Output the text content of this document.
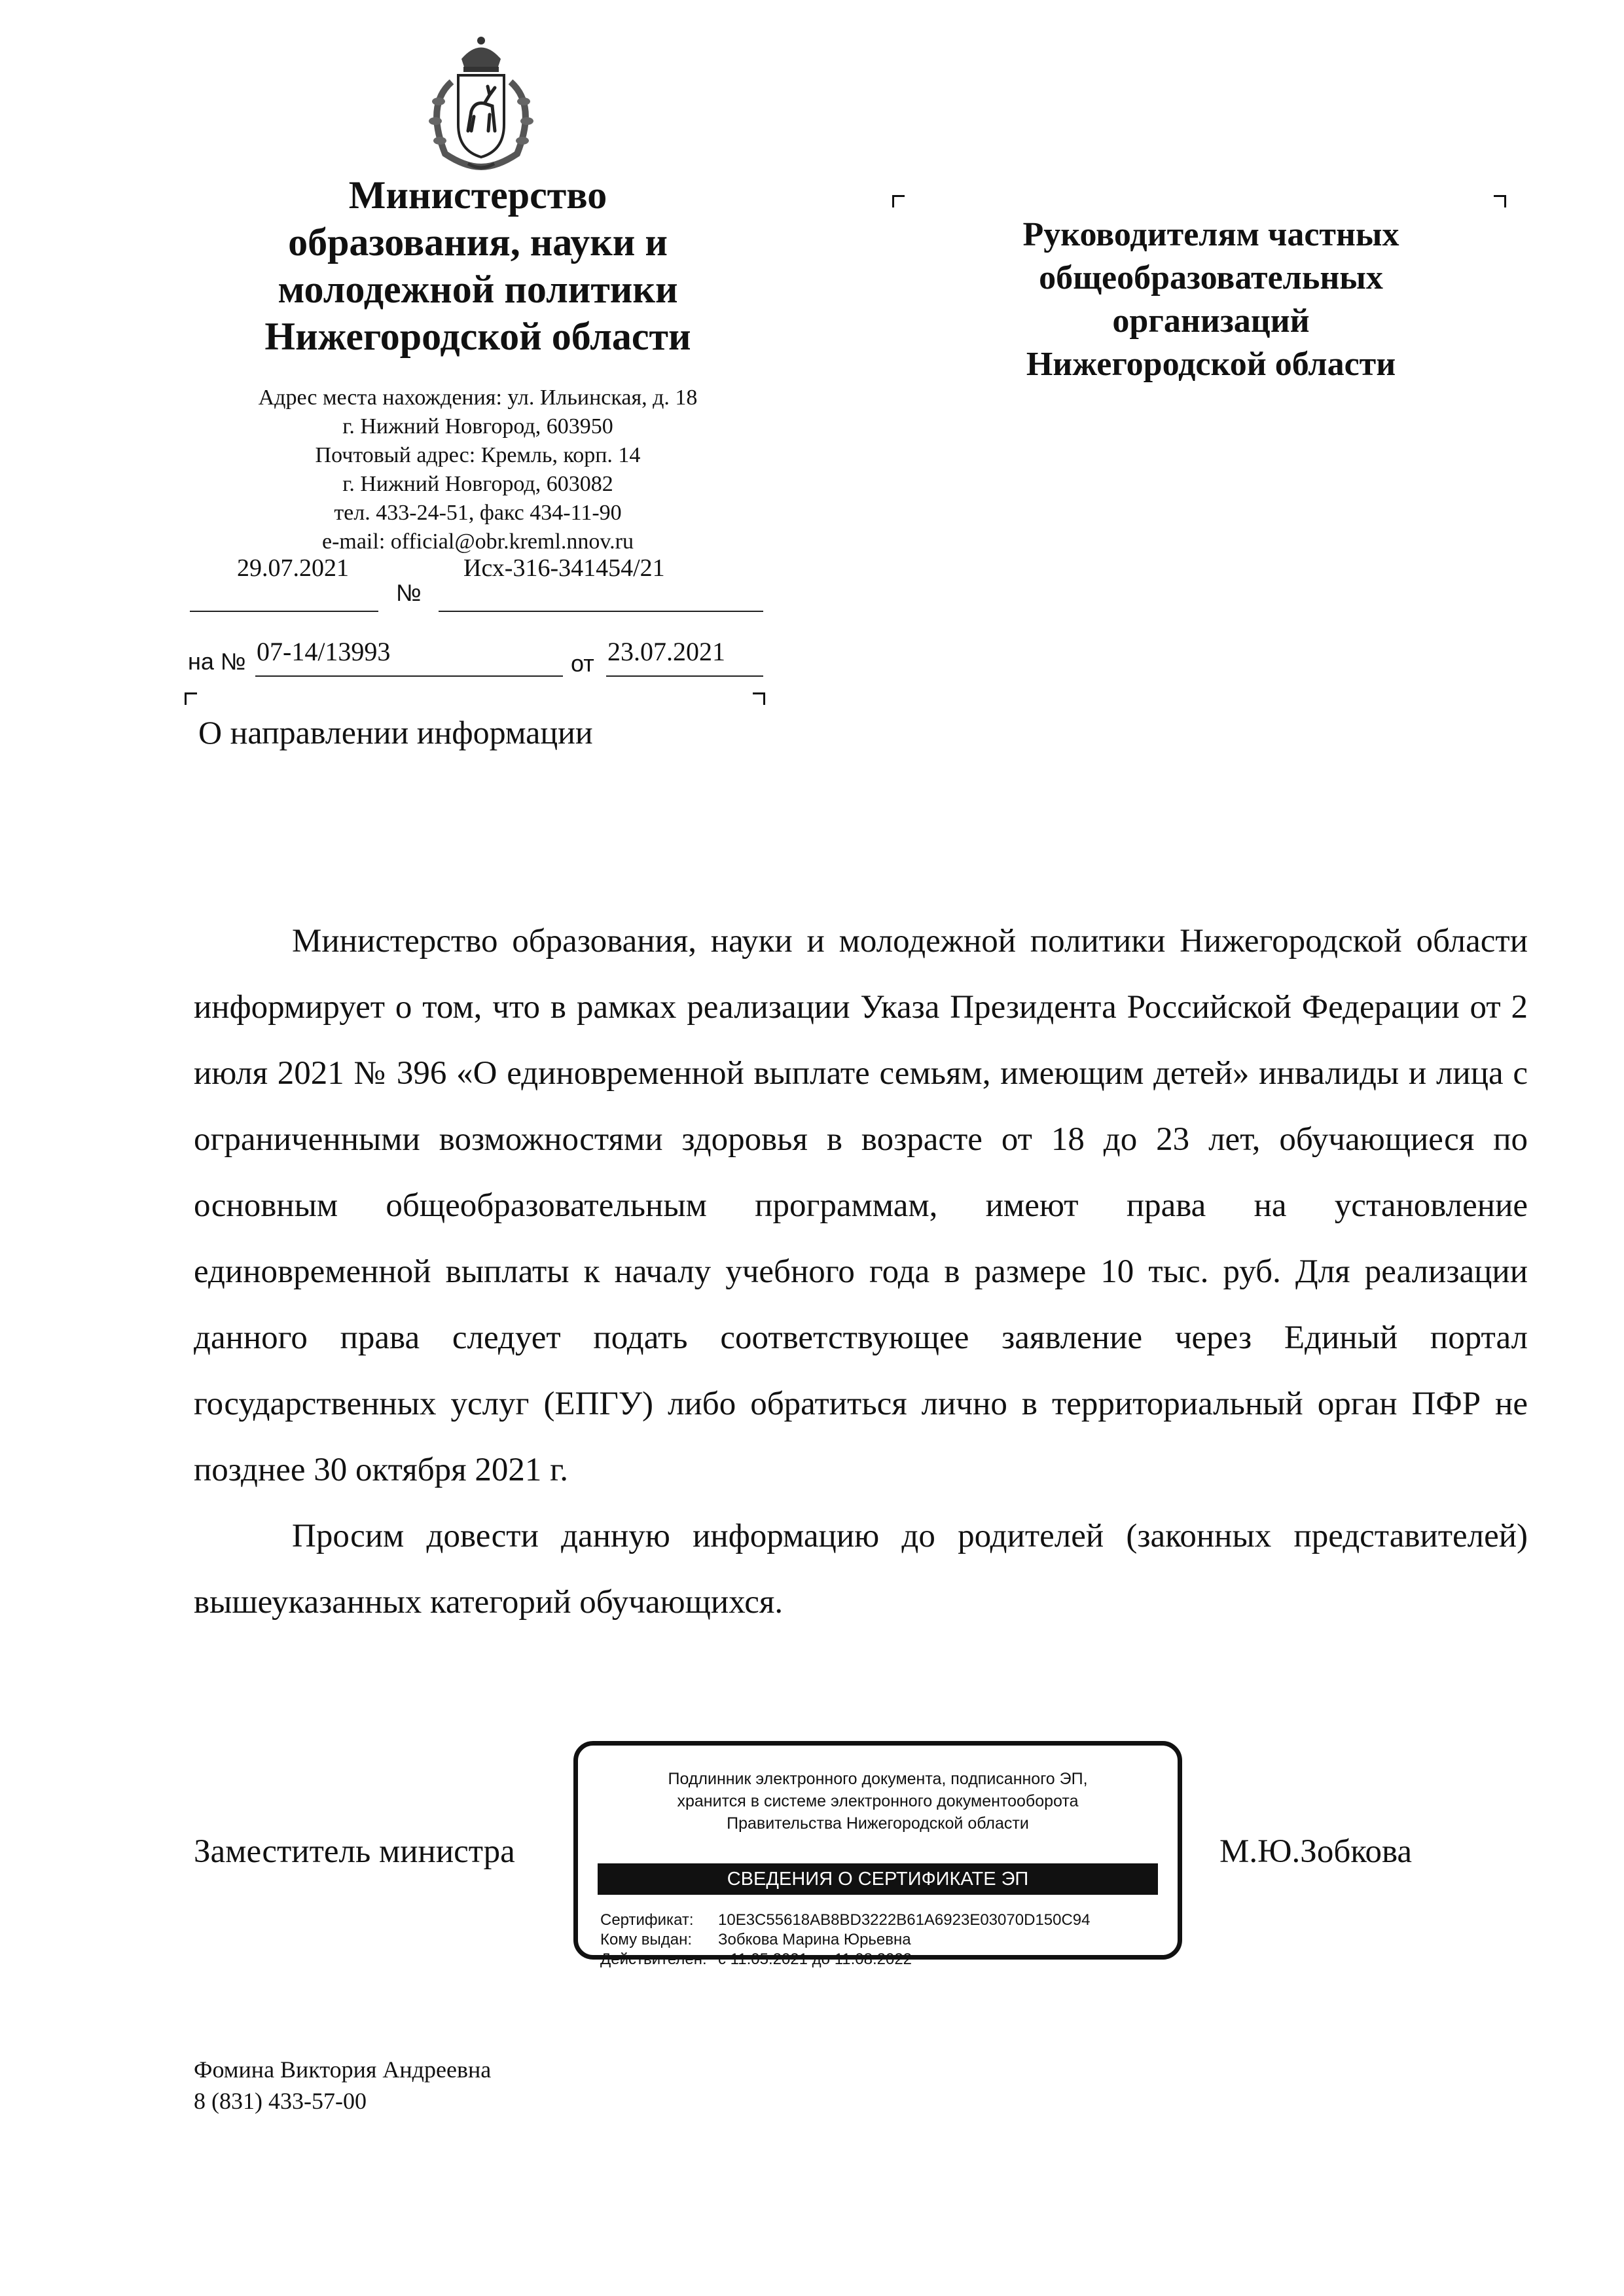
Министерство
образования, науки и
молодежной политики
Нижегородской области
Адрес места нахождения: ул. Ильинская, д. 18
г. Нижний Новгород, 603950
Почтовый адрес: Кремль, корп. 14
г. Нижний Новгород, 603082
тел. 433-24-51, факс 434-11-90
e-mail: official@obr.kreml.nnov.ru
29.07.2021	Исх-316-341454/21
№
на № 07-14/13993	от 23.07.2021
О направлении информации
Руководителям частных
общеобразовательных
организаций
Нижегородской области

Министерство образования, науки и молодежной политики Нижегородской области информирует о том, что в рамках реализации Указа Президента Российской Федерации от 2 июля 2021 № 396 «О единовременной выплате семьям, имеющим детей» инвалиды и лица с ограниченными возможностями здоровья в возрасте от 18 до 23 лет, обучающиеся по основным общеобразовательным программам, имеют права на установление единовременной выплаты к началу учебного года в размере 10 тыс. руб. Для реализации данного права следует подать соответствующее заявление через Единый портал государственных услуг (ЕПГУ) либо обратиться лично в территориальный орган ПФР не позднее 30 октября 2021 г.

Просим довести данную информацию до родителей (законных представителей) вышеуказанных категорий обучающихся.

Заместитель министра	М.Ю.Зобкова
Подлинник электронного документа, подписанного ЭП,
хранится в системе электронного документооборота
Правительства Нижегородской области
СВЕДЕНИЯ О СЕРТИФИКАТЕ ЭП
Сертификат: 10E3C55618AB8BD3222B61A6923E03070D150C94
Кому выдан: Зобкова Марина Юрьевна
Действителен: с 11.05.2021 до 11.08.2022
Фомина Виктория Андреевна
8 (831) 433-57-00
